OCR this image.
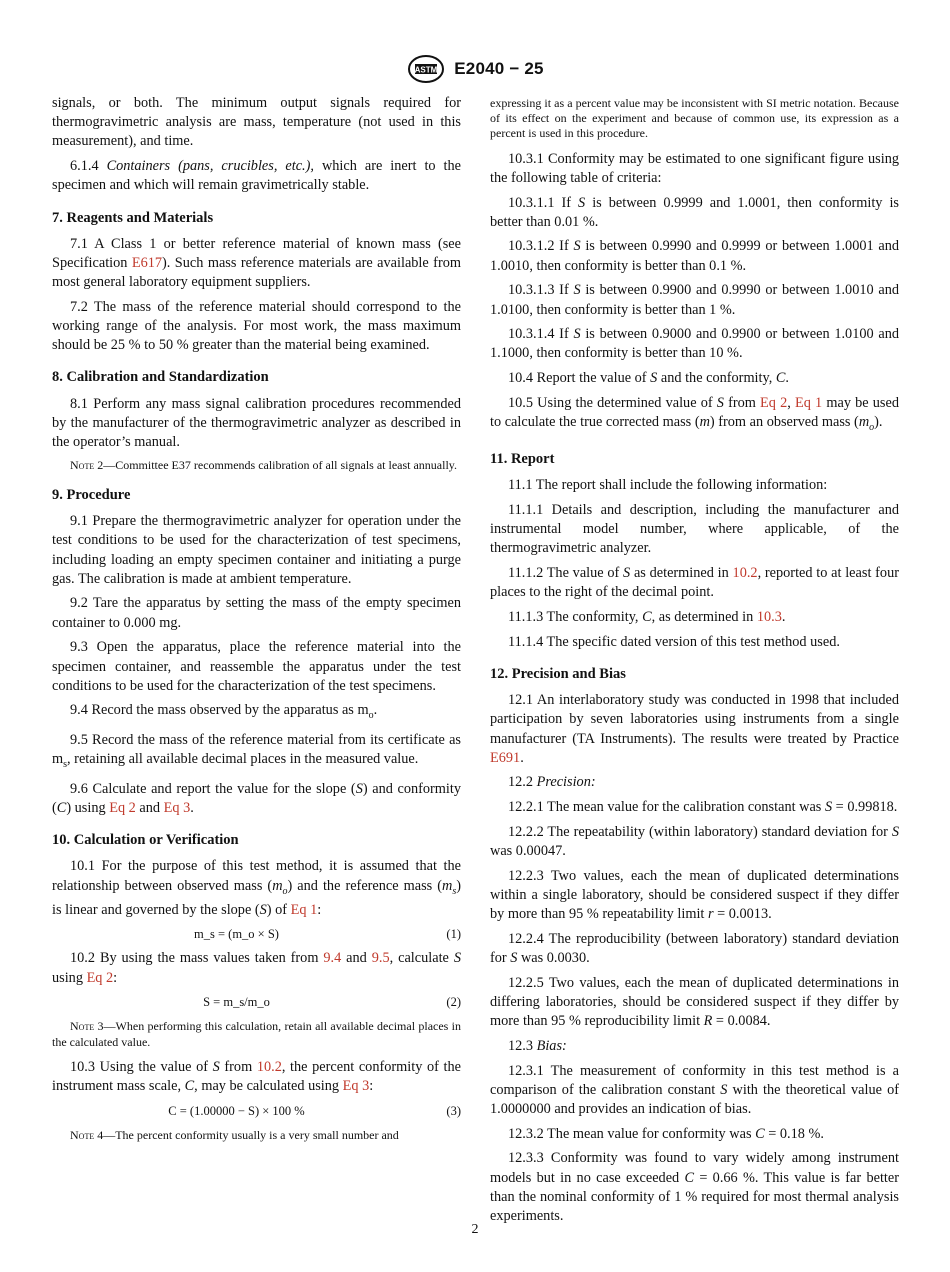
ASTM E2040 − 25

signals, or both. The minimum output signals required for thermogravimetric analysis are mass, temperature (not used in this measurement), and time.

6.1.4 Containers (pans, crucibles, etc.), which are inert to the specimen and which will remain gravimetrically stable.

7. Reagents and Materials

7.1 A Class 1 or better reference material of known mass (see Specification E617). Such mass reference materials are available from most general laboratory equipment suppliers.

7.2 The mass of the reference material should correspond to the working range of the analysis. For most work, the mass maximum should be 25 % to 50 % greater than the material being examined.

8. Calibration and Standardization

8.1 Perform any mass signal calibration procedures recommended by the manufacturer of the thermogravimetric analyzer as described in the operator’s manual.

Note 2—Committee E37 recommends calibration of all signals at least annually.
9. Procedure

9.1 Prepare the thermogravimetric analyzer for operation under the test conditions to be used for the characterization of test specimens, including loading an empty specimen container and initiating a purge gas. The calibration is made at ambient temperature.

9.2 Tare the apparatus by setting the mass of the empty specimen container to 0.000 mg.

9.3 Open the apparatus, place the reference material into the specimen container, and reassemble the apparatus under the test conditions to be used for the characterization of the test specimens.

9.4 Record the mass observed by the apparatus as $m_o$.

9.5 Record the mass of the reference material from its certificate as $m_s$, retaining all available decimal places in the measured value.

9.6 Calculate and report the value for the slope (S) and conformity (C) using Eq 2 and Eq 3.

10. Calculation or Verification

10.1 For the purpose of this test method, it is assumed that the relationship between observed mass $(m_o)$ and the reference mass $(m_s)$ is linear and governed by the slope (S) of Eq 1:

m_s = (m_o × S)	(1)

10.2 By using the mass values taken from 9.4 and 9.5, calculate S using Eq 2:

S = m_s/m_o	(2)
Note 3—When performing this calculation, retain all available decimal places in the calculated value.

10.3 Using the value of S from 10.2, the percent conformity of the instrument mass scale, C, may be calculated using Eq 3:

C = (1.00000 − S) × 100 %	(3)
Note 4—The percent conformity usually is a very small number and
expressing it as a percent value may be inconsistent with SI metric notation. Because of its effect on the experiment and because of common use, its expression as a percent is used in this procedure.

10.3.1 Conformity may be estimated to one significant figure using the following table of criteria:

10.3.1.1 If S is between 0.9999 and 1.0001, then conformity is better than 0.01 %.

10.3.1.2 If S is between 0.9990 and 0.9999 or between 1.0001 and 1.0010, then conformity is better than 0.1 %.

10.3.1.3 If S is between 0.9900 and 0.9990 or between 1.0010 and 1.0100, then conformity is better than 1 %.

10.3.1.4 If S is between 0.9000 and 0.9900 or between 1.0100 and 1.1000, then conformity is better than 10 %.

10.4 Report the value of S and the conformity, C.

10.5 Using the determined value of S from Eq 2, Eq 1 may be used to calculate the true corrected mass (m) from an observed mass $(m_o)$.

11. Report

11.1 The report shall include the following information:

11.1.1 Details and description, including the manufacturer and instrumental model number, where applicable, of the thermogravimetric analyzer.

11.1.2 The value of S as determined in 10.2, reported to at least four places to the right of the decimal point.

11.1.3 The conformity, C, as determined in 10.3.

11.1.4 The specific dated version of this test method used.

12. Precision and Bias

12.1 An interlaboratory study was conducted in 1998 that included participation by seven laboratories using instruments from a single manufacturer (TA Instruments). The results were treated by Practice E691.

12.2 Precision:

12.2.1 The mean value for the calibration constant was S = 0.99818.

12.2.2 The repeatability (within laboratory) standard deviation for S was 0.00047.

12.2.3 Two values, each the mean of duplicated determinations within a single laboratory, should be considered suspect if they differ by more than 95 % repeatability limit r = 0.0013.

12.2.4 The reproducibility (between laboratory) standard deviation for S was 0.0030.

12.2.5 Two values, each the mean of duplicated determinations in differing laboratories, should be considered suspect if they differ by more than 95 % reproducibility limit R = 0.0084.

12.3 Bias:

12.3.1 The measurement of conformity in this test method is a comparison of the calibration constant S with the theoretical value of 1.0000000 and provides an indication of bias.

12.3.2 The mean value for conformity was C = 0.18 %.

12.3.3 Conformity was found to vary widely among instrument models but in no case exceeded C = 0.66 %. This value is far better than the nominal conformity of 1 % required for most thermal analysis experiments.

2
